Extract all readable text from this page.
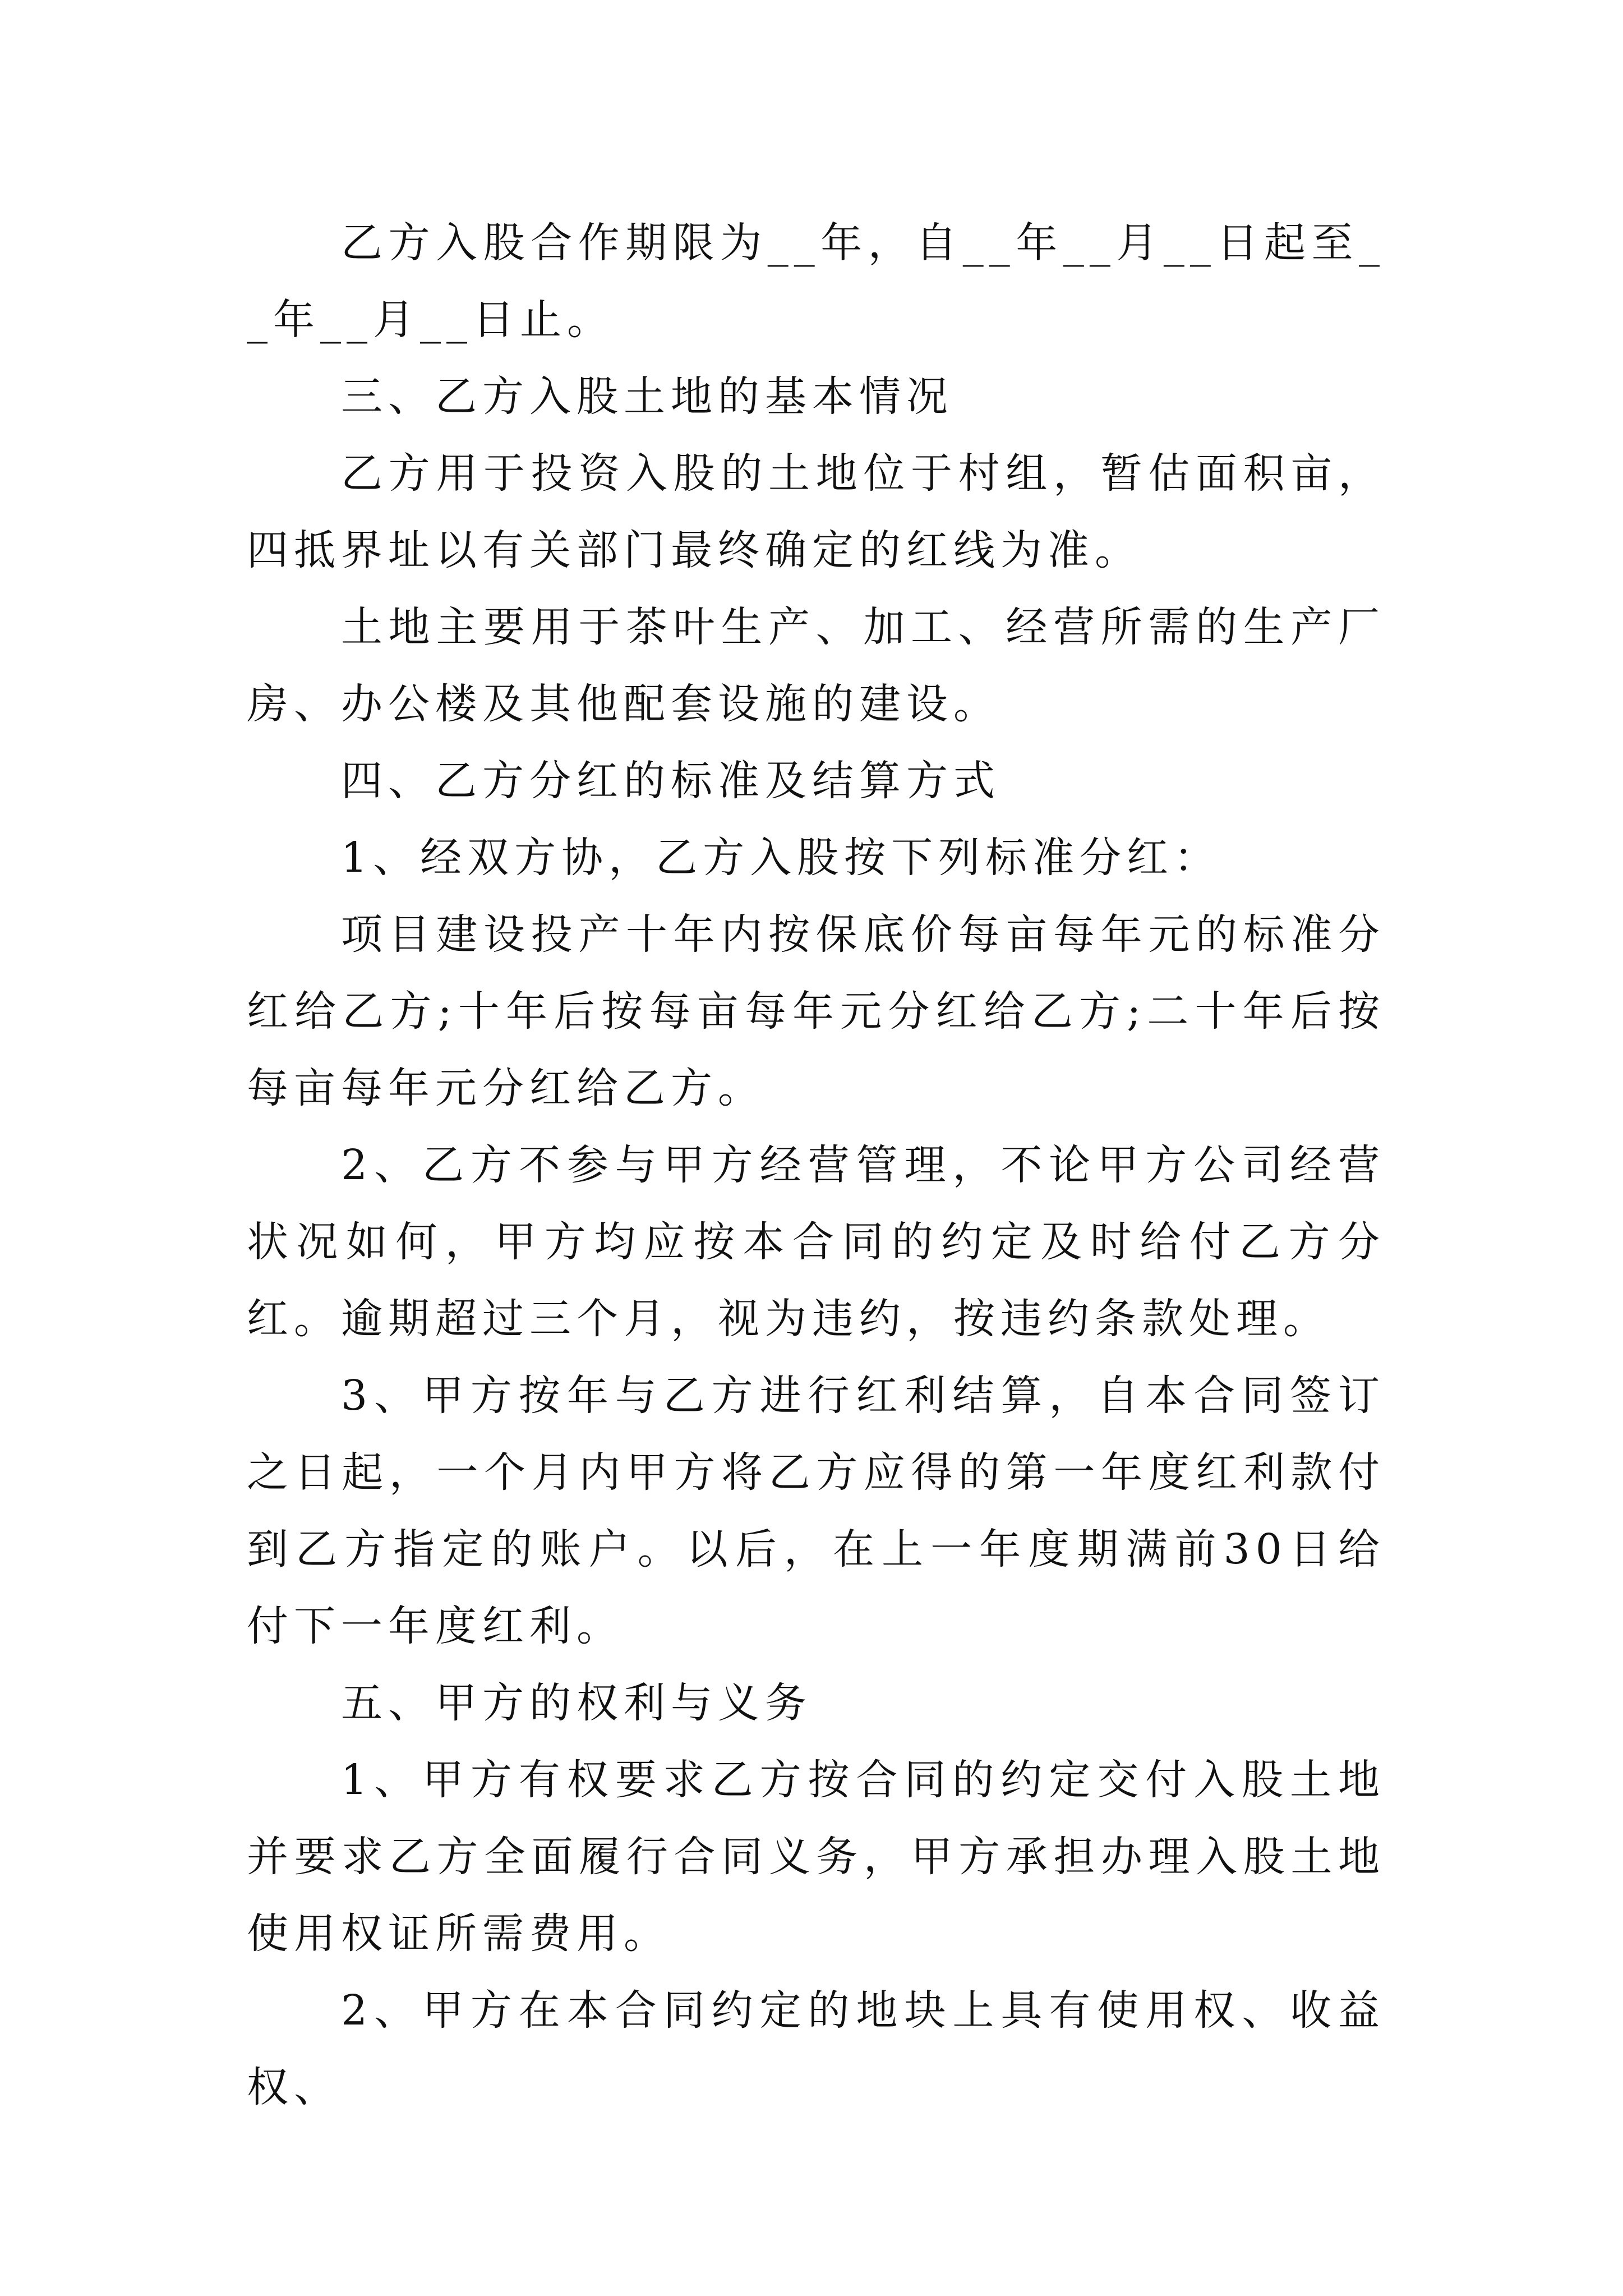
乙方入股合作期限为__年，自__年__月__日起至__年__月__日止。

三、乙方入股土地的基本情况

乙方用于投资入股的土地位于村组，暂估面积亩，四抵界址以有关部门最终确定的红线为准。

土地主要用于茶叶生产、加工、经营所需的生产厂房、办公楼及其他配套设施的建设。

四、乙方分红的标准及结算方式

1、经双方协，乙方入股按下列标准分红：

项目建设投产十年内按保底价每亩每年元的标准分红给乙方;十年后按每亩每年元分红给乙方;二十年后按每亩每年元分红给乙方。

2、乙方不参与甲方经营管理，不论甲方公司经营状况如何，甲方均应按本合同的约定及时给付乙方分红。逾期超过三个月，视为违约，按违约条款处理。

3、甲方按年与乙方进行红利结算，自本合同签订之日起，一个月内甲方将乙方应得的第一年度红利款付到乙方指定的账户。以后，在上一年度期满前30日给付下一年度红利。

五、甲方的权利与义务

1、甲方有权要求乙方按合同的约定交付入股土地并要求乙方全面履行合同义务，甲方承担办理入股土地使用权证所需费用。

2、甲方在本合同约定的地块上具有使用权、收益权、
